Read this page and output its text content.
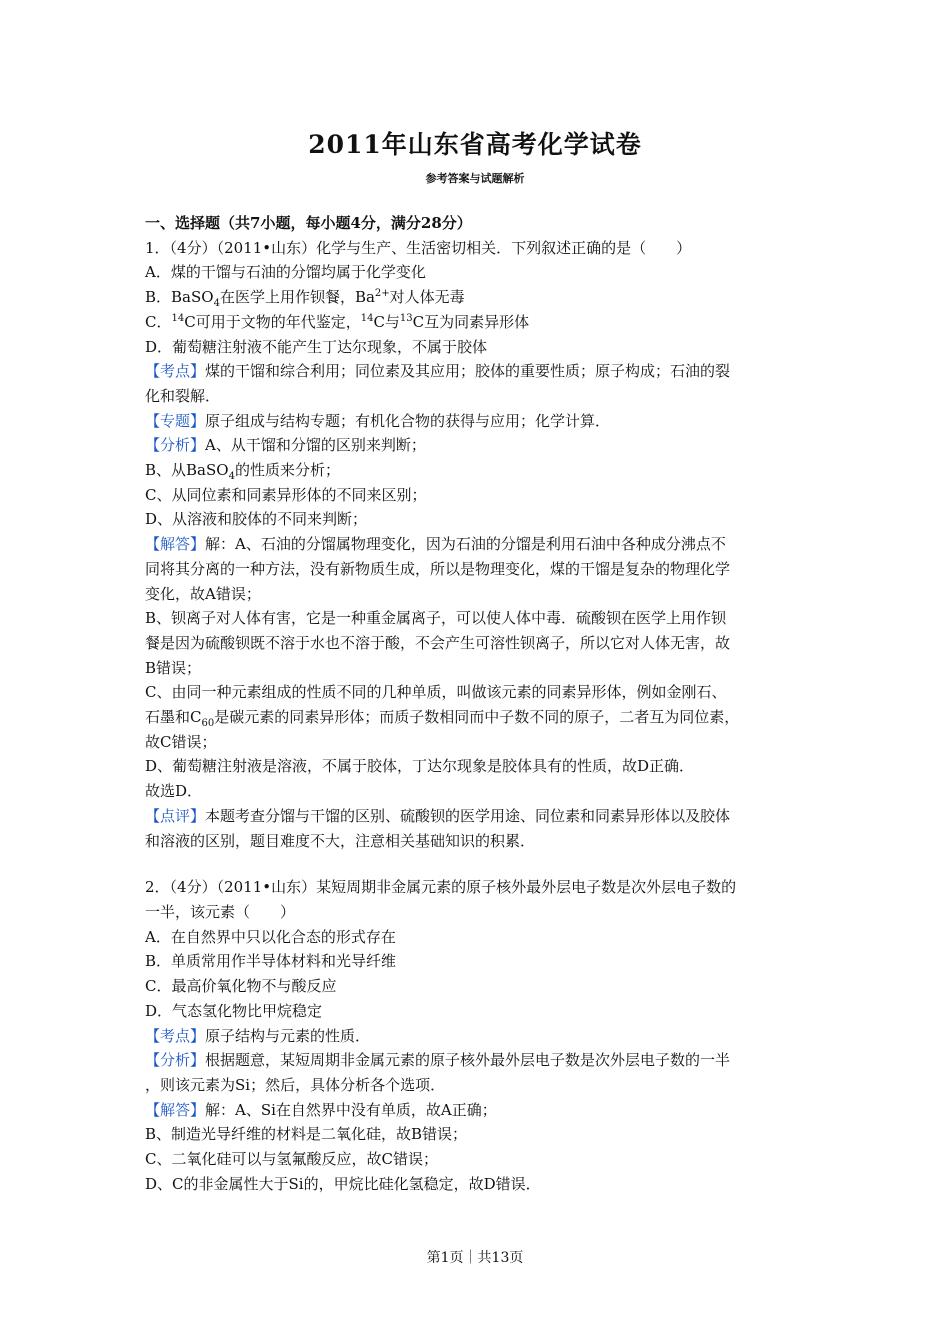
2011年山东省高考化学试卷
参考答案与试题解析

一、选择题（共7小题，每小题4分，满分28分）

1．（4分）（2011•山东）化学与生产、生活密切相关．下列叙述正确的是（　　）

A．煤的干馏与石油的分馏均属于化学变化

B．BaSO$_4$在医学上用作钡餐，$Ba^{2+}$对人体无毒

C．$^{14}$C可用于文物的年代鉴定，$^{14}$C与$^{13}$C互为同素异形体

D．葡萄糖注射液不能产生丁达尔现象，不属于胶体

【考点】煤的干馏和综合利用；同位素及其应用；胶体的重要性质；原子构成；石油的裂

化和裂解．

【专题】原子组成与结构专题；有机化合物的获得与应用；化学计算．

【分析】A、从干馏和分馏的区别来判断；

B、从BaSO$_4$的性质来分析；

C、从同位素和同素异形体的不同来区别；

D、从溶液和胶体的不同来判断；

【解答】解：A、石油的分馏属物理变化，因为石油的分馏是利用石油中各种成分沸点不

同将其分离的一种方法，没有新物质生成，所以是物理变化，煤的干馏是复杂的物理化学

变化，故A错误；

B、钡离子对人体有害，它是一种重金属离子，可以使人体中毒．硫酸钡在医学上用作钡

餐是因为硫酸钡既不溶于水也不溶于酸，不会产生可溶性钡离子，所以它对人体无害，故

B错误；

C、由同一种元素组成的性质不同的几种单质，叫做该元素的同素异形体，例如金刚石、

石墨和$C_{60}$是碳元素的同素异形体；而质子数相同而中子数不同的原子，二者互为同位素，

故C错误；

D、葡萄糖注射液是溶液，不属于胶体，丁达尔现象是胶体具有的性质，故D正确．

故选D．

【点评】本题考查分馏与干馏的区别、硫酸钡的医学用途、同位素和同素异形体以及胶体

和溶液的区别，题目难度不大，注意相关基础知识的积累．

2．（4分）（2011•山东）某短周期非金属元素的原子核外最外层电子数是次外层电子数的

一半，该元素（　　）

A．在自然界中只以化合态的形式存在

B．单质常用作半导体材料和光导纤维

C．最高价氧化物不与酸反应

D．气态氢化物比甲烷稳定

【考点】原子结构与元素的性质．

【分析】根据题意，某短周期非金属元素的原子核外最外层电子数是次外层电子数的一半

，则该元素为Si；然后，具体分析各个选项．

【解答】解：A、Si在自然界中没有单质，故A正确；

B、制造光导纤维的材料是二氧化硅，故B错误；

C、二氧化硅可以与氢氟酸反应，故C错误；

D、C的非金属性大于Si的，甲烷比硅化氢稳定，故D错误．

第1页｜共13页
